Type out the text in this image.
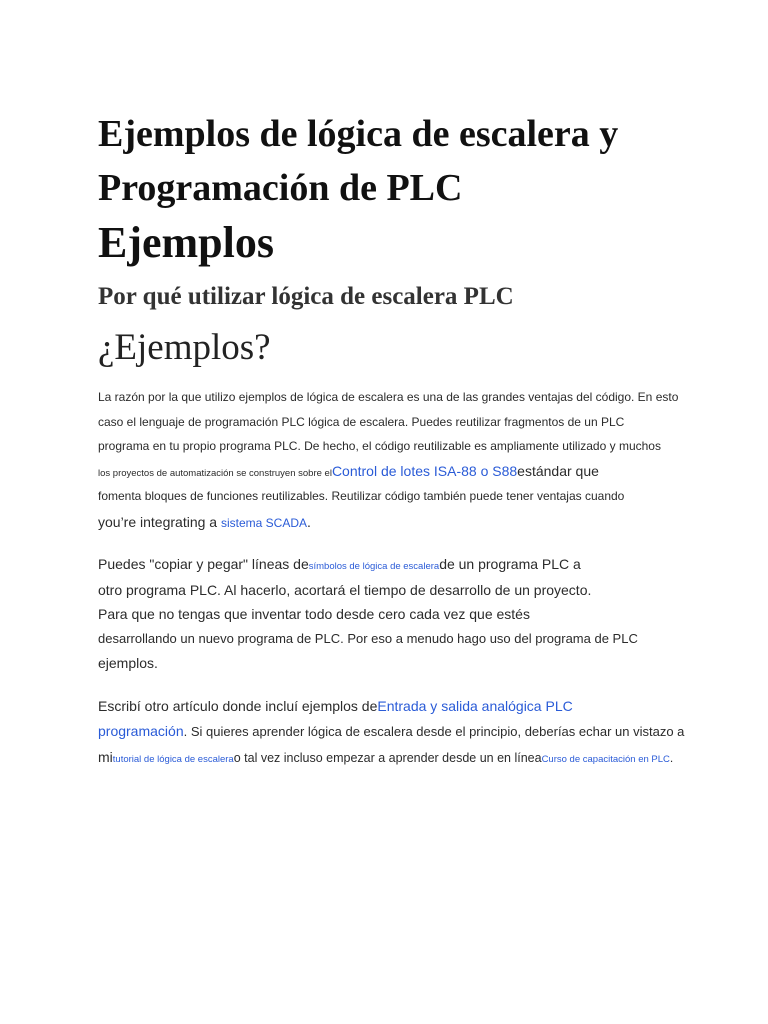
Ejemplos de lógica de escalera y
Programación de PLC
Ejemplos
Por qué utilizar lógica de escalera PLC
¿Ejemplos?

La razón por la que utilizo ejemplos de lógica de escalera es una de las grandes ventajas del código. En esto

caso el lenguaje de programación PLC lógica de escalera. Puedes reutilizar fragmentos de un PLC

programa en tu propio programa PLC. De hecho, el código reutilizable es ampliamente utilizado y muchos

los proyectos de automatización se construyen sobre elControl de lotes ISA-88 o S88estándar que

fomenta bloques de funciones reutilizables. Reutilizar código también puede tener ventajas cuando

you’re integrating a sistema SCADA.

Puedes "copiar y pegar" líneas desímbolos de lógica de escalerade un programa PLC a

otro programa PLC. Al hacerlo, acortará el tiempo de desarrollo de un proyecto.

Para que no tengas que inventar todo desde cero cada vez que estés

desarrollando un nuevo programa de PLC. Por eso a menudo hago uso del programa de PLC

ejemplos.

Escribí otro artículo donde incluí ejemplos deEntrada y salida analógica PLC

programación. Si quieres aprender lógica de escalera desde el principio, deberías echar un vistazo a

mitutorial de lógica de escalerao tal vez incluso empezar a aprender desde un en líneaCurso de capacitación en PLC.
